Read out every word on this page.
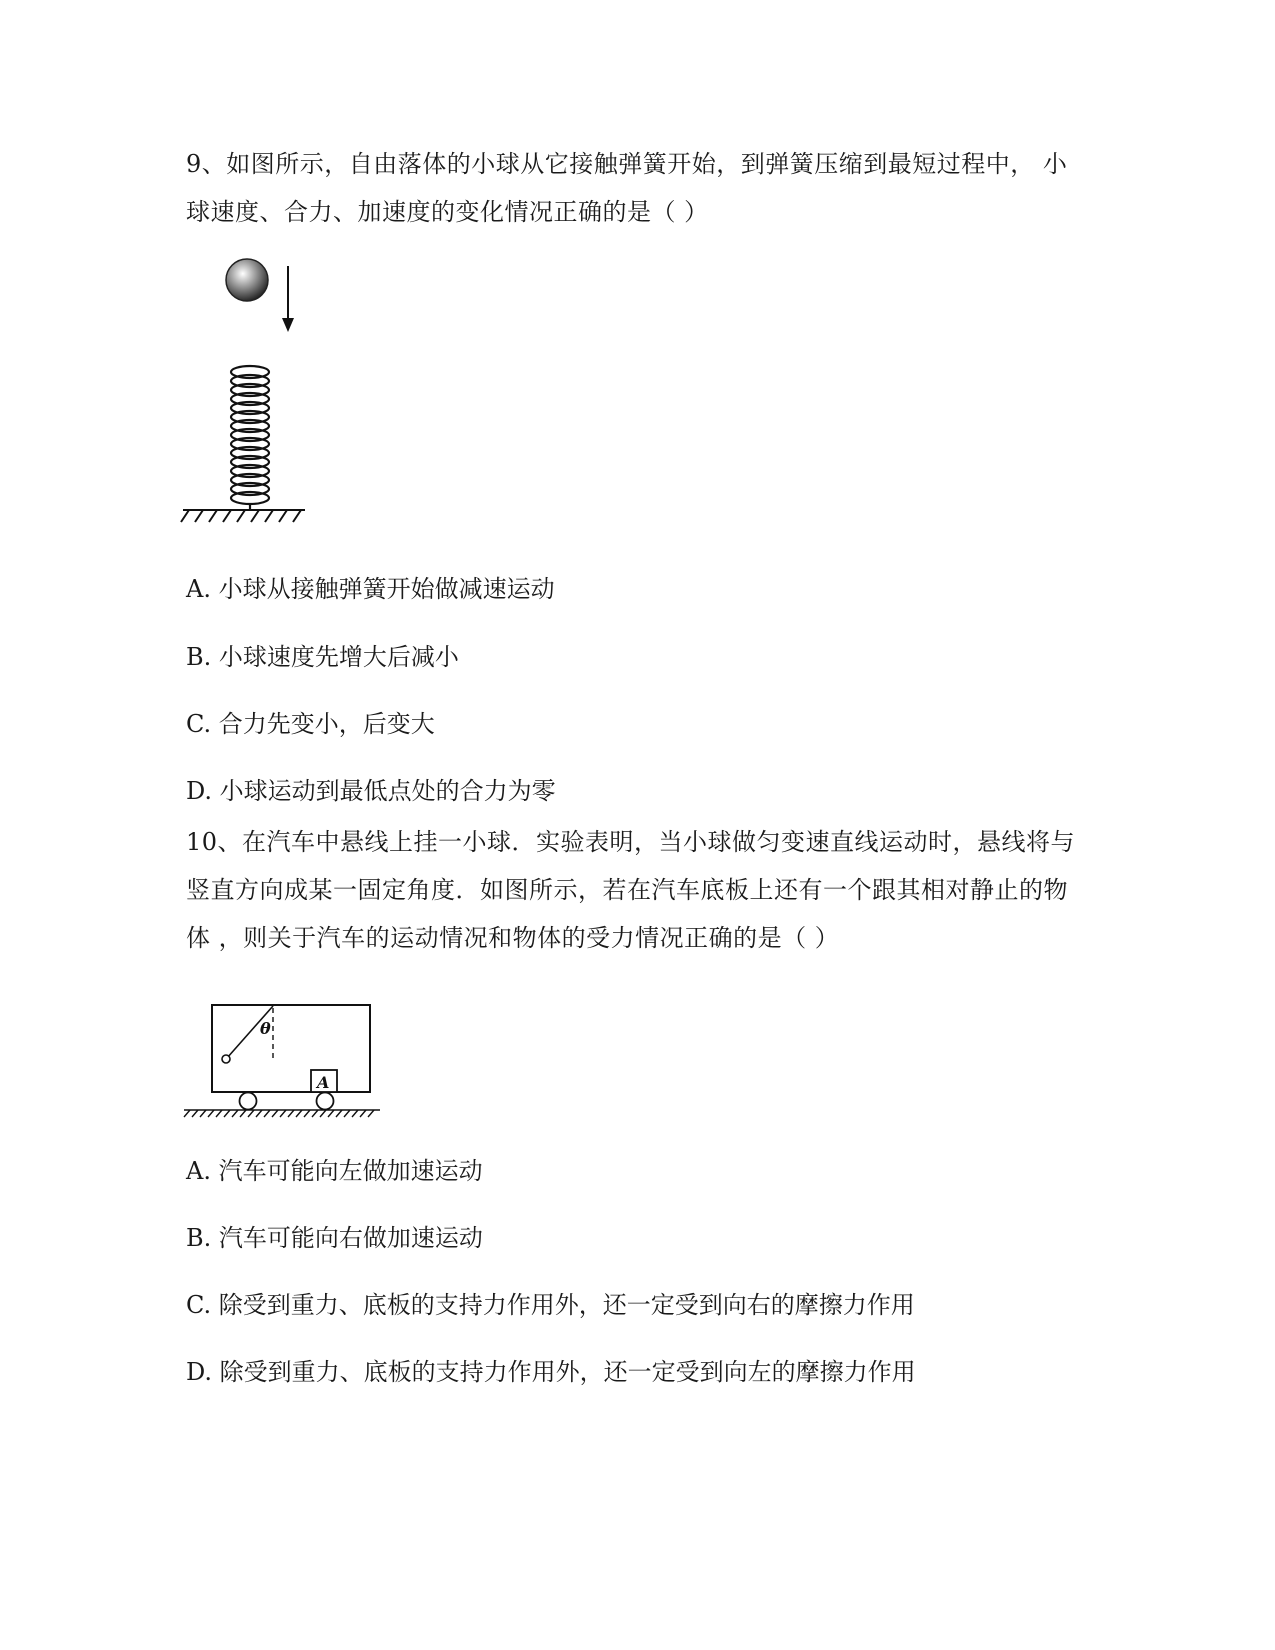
9、如图所示，自由落体的小球从它接触弹簧开始，到弹簧压缩到最短过程中， 小球速度、合力、加速度的变化情况正确的是（ ）

A. 小球从接触弹簧开始做减速运动

B. 小球速度先增大后减小

C. 合力先变小，后变大

D. 小球运动到最低点处的合力为零

10、在汽车中悬线上挂一小球．实验表明，当小球做匀变速直线运动时，悬线将与竖直方向成某一固定角度．如图所示，若在汽车底板上还有一个跟其相对静止的物体 ，则关于汽车的运动情况和物体的受力情况正确的是（ ）

θ
A

A. 汽车可能向左做加速运动

B. 汽车可能向右做加速运动

C. 除受到重力、底板的支持力作用外，还一定受到向右的摩擦力作用

D. 除受到重力、底板的支持力作用外，还一定受到向左的摩擦力作用
